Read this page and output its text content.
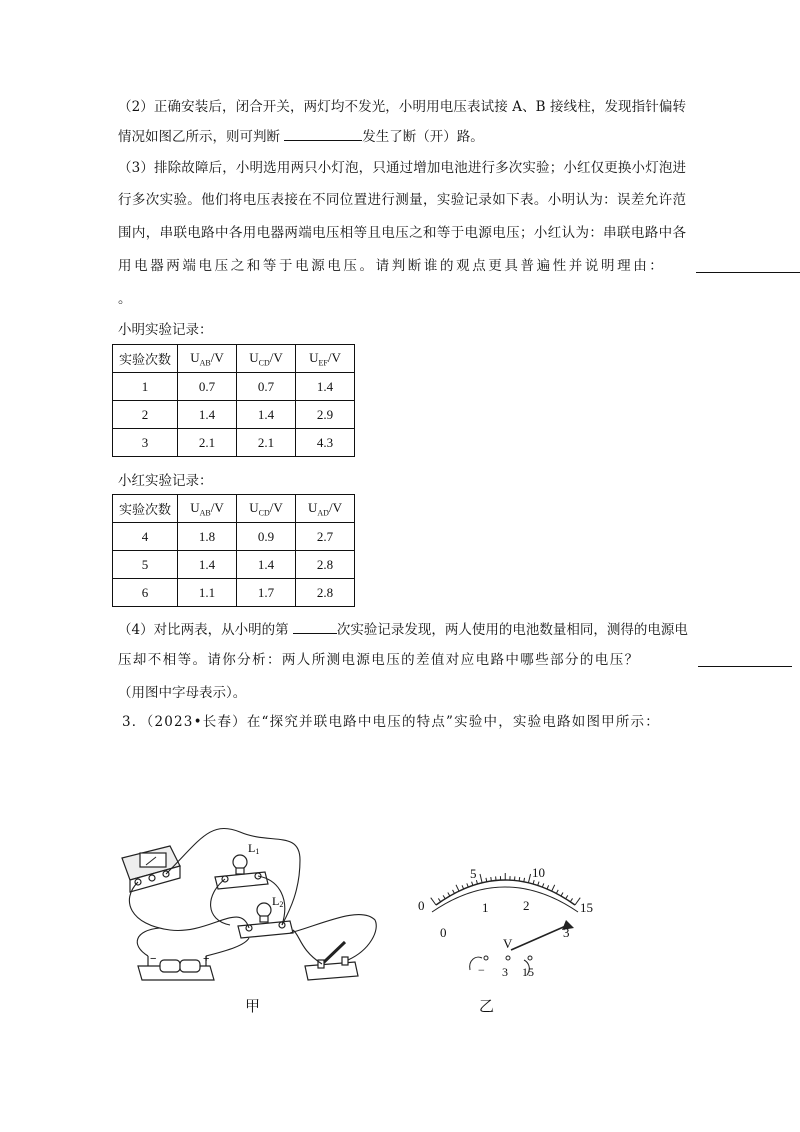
（2）正确安装后，闭合开关，两灯均不发光，小明用电压表试接 A、B 接线柱，发现指针偏转
情况如图乙所示，则可判断	发生了断（开）路。
（3）排除故障后，小明选用两只小灯泡，只通过增加电池进行多次实验；小红仅更换小灯泡进
行多次实验。他们将电压表接在不同位置进行测量，实验记录如下表。小明认为：误差允许范
围内，串联电路中各用电器两端电压相等且电压之和等于电源电压；小红认为：串联电路中各
用电器两端电压之和等于电源电压。请判断谁的观点更具普遍性并说明理由：
。
小明实验记录：
实验次数	$U_{AB}/V$	$U_{CD}/V$	$U_{EF}/V$
1	0.7	0.7	1.4
2	1.4	1.4	2.9
3	2.1	2.1	4.3
小红实验记录：
实验次数	$U_{AB}/V$	$U_{CD}/V$	$U_{AD}/V$
4	1.8	0.9	2.7
5	1.4	1.4	2.8
6	1.1	1.7	2.8
（4）对比两表，从小明的第	次实验记录发现，两人使用的电池数量相同，测得的电源电
压却不相等。请你分析：两人所测电源电压的差值对应电路中哪些部分的电压？
（用图中字母表示）。
3．（2023•长春）在“探究并联电路中电压的特点”实验中，实验电路如图甲所示：
L1
L2
−	+
0
5	10
15
0
1	2
3
V
− 3 15
甲	乙
